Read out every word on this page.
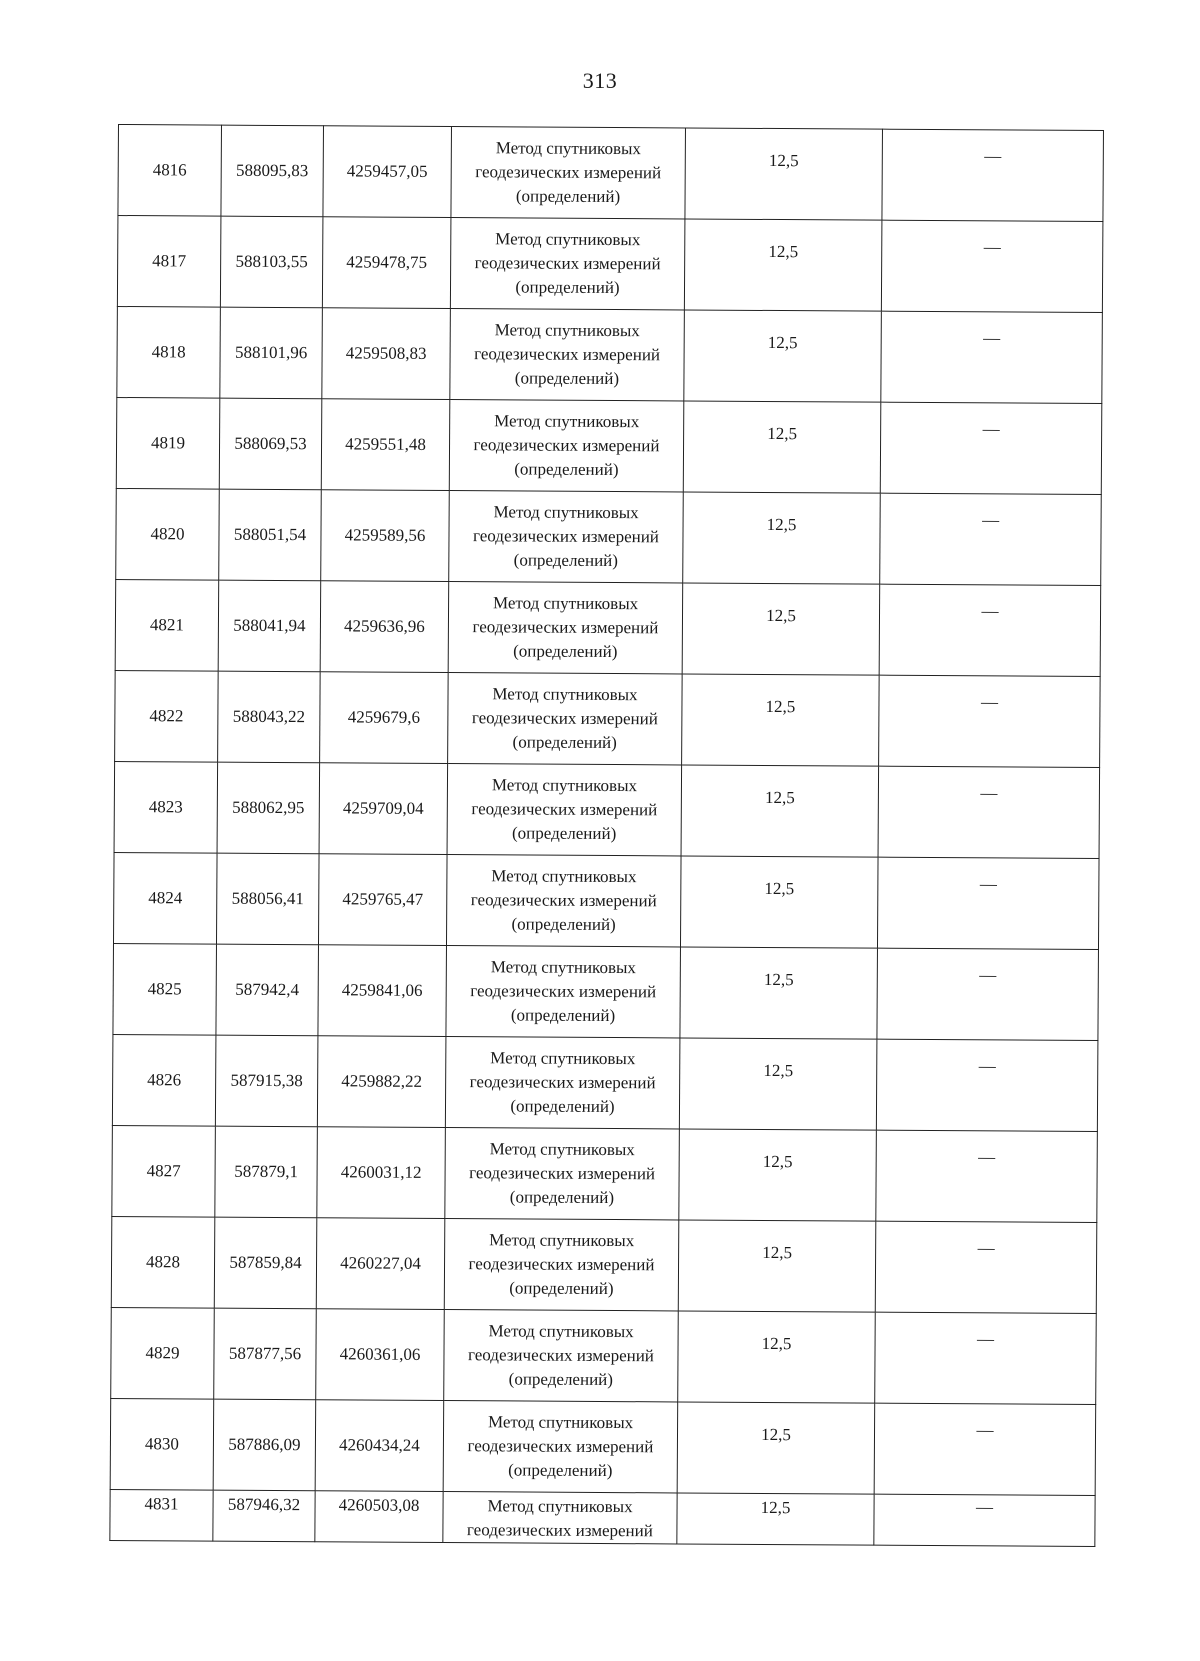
313
4816	588095,83	4259457,05	Метод спутниковых
геодезических измерений
(определений)	12,5	—
4817	588103,55	4259478,75	Метод спутниковых
геодезических измерений
(определений)	12,5	—
4818	588101,96	4259508,83	Метод спутниковых
геодезических измерений
(определений)	12,5	—
4819	588069,53	4259551,48	Метод спутниковых
геодезических измерений
(определений)	12,5	—
4820	588051,54	4259589,56	Метод спутниковых
геодезических измерений
(определений)	12,5	—
4821	588041,94	4259636,96	Метод спутниковых
геодезических измерений
(определений)	12,5	—
4822	588043,22	4259679,6	Метод спутниковых
геодезических измерений
(определений)	12,5	—
4823	588062,95	4259709,04	Метод спутниковых
геодезических измерений
(определений)	12,5	—
4824	588056,41	4259765,47	Метод спутниковых
геодезических измерений
(определений)	12,5	—
4825	587942,4	4259841,06	Метод спутниковых
геодезических измерений
(определений)	12,5	—
4826	587915,38	4259882,22	Метод спутниковых
геодезических измерений
(определений)	12,5	—
4827	587879,1	4260031,12	Метод спутниковых
геодезических измерений
(определений)	12,5	—
4828	587859,84	4260227,04	Метод спутниковых
геодезических измерений
(определений)	12,5	—
4829	587877,56	4260361,06	Метод спутниковых
геодезических измерений
(определений)	12,5	—
4830	587886,09	4260434,24	Метод спутниковых
геодезических измерений
(определений)	12,5	—
4831	587946,32	4260503,08	Метод спутниковых
геодезических измерений	12,5	—
